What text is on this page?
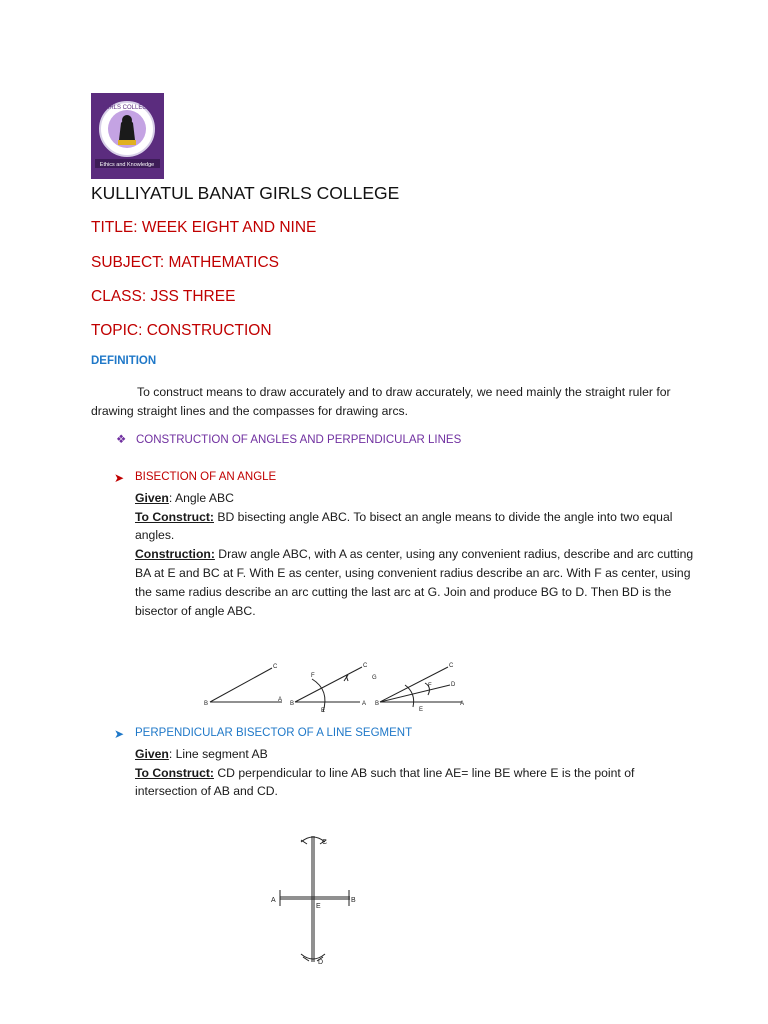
GIRLS COLLEGE
Ethics and Knowledge
KULLIYATUL BANAT GIRLS COLLEGE
TITLE: WEEK EIGHT AND NINE
SUBJECT: MATHEMATICS
CLASS: JSS THREE
TOPIC: CONSTRUCTION
DEFINITION
To construct means to draw accurately and to draw accurately, we need mainly the straight ruler for drawing straight lines and the compasses for drawing arcs.
❖ CONSTRUCTION OF ANGLES AND PERPENDICULAR LINES
➤ BISECTION OF AN ANGLE
Given: Angle ABC
To Construct: BD bisecting angle ABC. To bisect an angle means to divide the angle into two equal angles.
Construction: Draw angle ABC, with A as center, using any convenient radius, describe and arc cutting BA at E and BC at F. With E as center, using convenient radius describe an arc. With F as center, using the same radius describe an arc cutting the last arc at G. Join and produce BG to D. Then BD is the bisector of angle ABC.
C
B
A
F
C
B
E
A
G
C
F	D
B
E
A
➤ PERPENDICULAR BISECTOR OF A LINE SEGMENT
Given: Line segment AB
To Construct: CD perpendicular to line AB such that line AE= line BE where E is the point of intersection of AB and CD.
C
A
E
B
D
